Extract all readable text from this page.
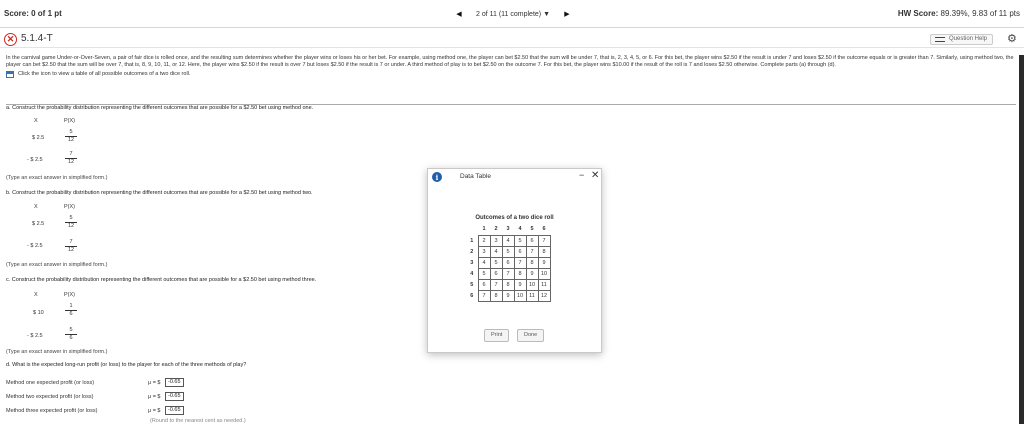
Score: 0 of 1 pt	◀	2 of 11 (11 complete) ▼	▶	HW Score: 89.39%, 9.83 of 11 pts
✕ 5.1.4-T	Question Help	⚙

In the carnival game Under-or-Over-Seven, a pair of fair dice is rolled once, and the resulting sum determines whether the player wins or loses his or her bet. For example, using method one, the player can bet $2.50 that the sum will be under 7, that is, 2, 3, 4, 5, or 6. For this bet, the player wins $2.50 if the result is under 7 and loses $2.50 if the outcome equals or is greater than 7. Similarly, using method two, the player can bet $2.50 that the sum will be over 7, that is, 8, 9, 10, 11, or 12. Here, the player wins $2.50 if the result is over 7 but loses $2.50 if the result is 7 or under. A third method of play is to bet $2.50 on the outcome 7. For this bet, the player wins $10.00 if the result of the roll is 7 and loses $2.50 otherwise. Complete parts (a) through (d).

Click the icon to view a table of all possible outcomes of a two dice roll.
a. Construct the probability distribution representing the different outcomes that are possible for a $2.50 bet using method one.
X	P(X)
$ 2.5	$\frac{5}{12}$
- $ 2.5	$\frac{7}{12}$
(Type an exact answer in simplified form.)
b. Construct the probability distribution representing the different outcomes that are possible for a $2.50 bet using method two.
X	P(X)
$ 2.5	$\frac{5}{12}$
- $ 2.5	$\frac{7}{12}$
(Type an exact answer in simplified form.)
c. Construct the probability distribution representing the different outcomes that are possible for a $2.50 bet using method three.
X	P(X)
$ 10	$\frac{1}{6}$
- $ 2.5	$\frac{5}{6}$
(Type an exact answer in simplified form.)
d. What is the expected long-run profit (or loss) to the player for each of the three methods of play?
Method one expected profit (or loss)	μ = $	-0.65
Method two expected profit (or loss)	μ = $	-0.65
Method three expected profit (or loss)	μ = $	-0.65
(Round to the nearest cent as needed.)
i	Data Table	− ✕
Outcomes of a two dice roll
	1	2	3	4	5	6
1	2	3	4	5	6	7
2	3	4	5	6	7	8
3	4	5	6	7	8	9
4	5	6	7	8	9	10
5	6	7	8	9	10	11
6	7	8	9	10	11	12
Print	Done
